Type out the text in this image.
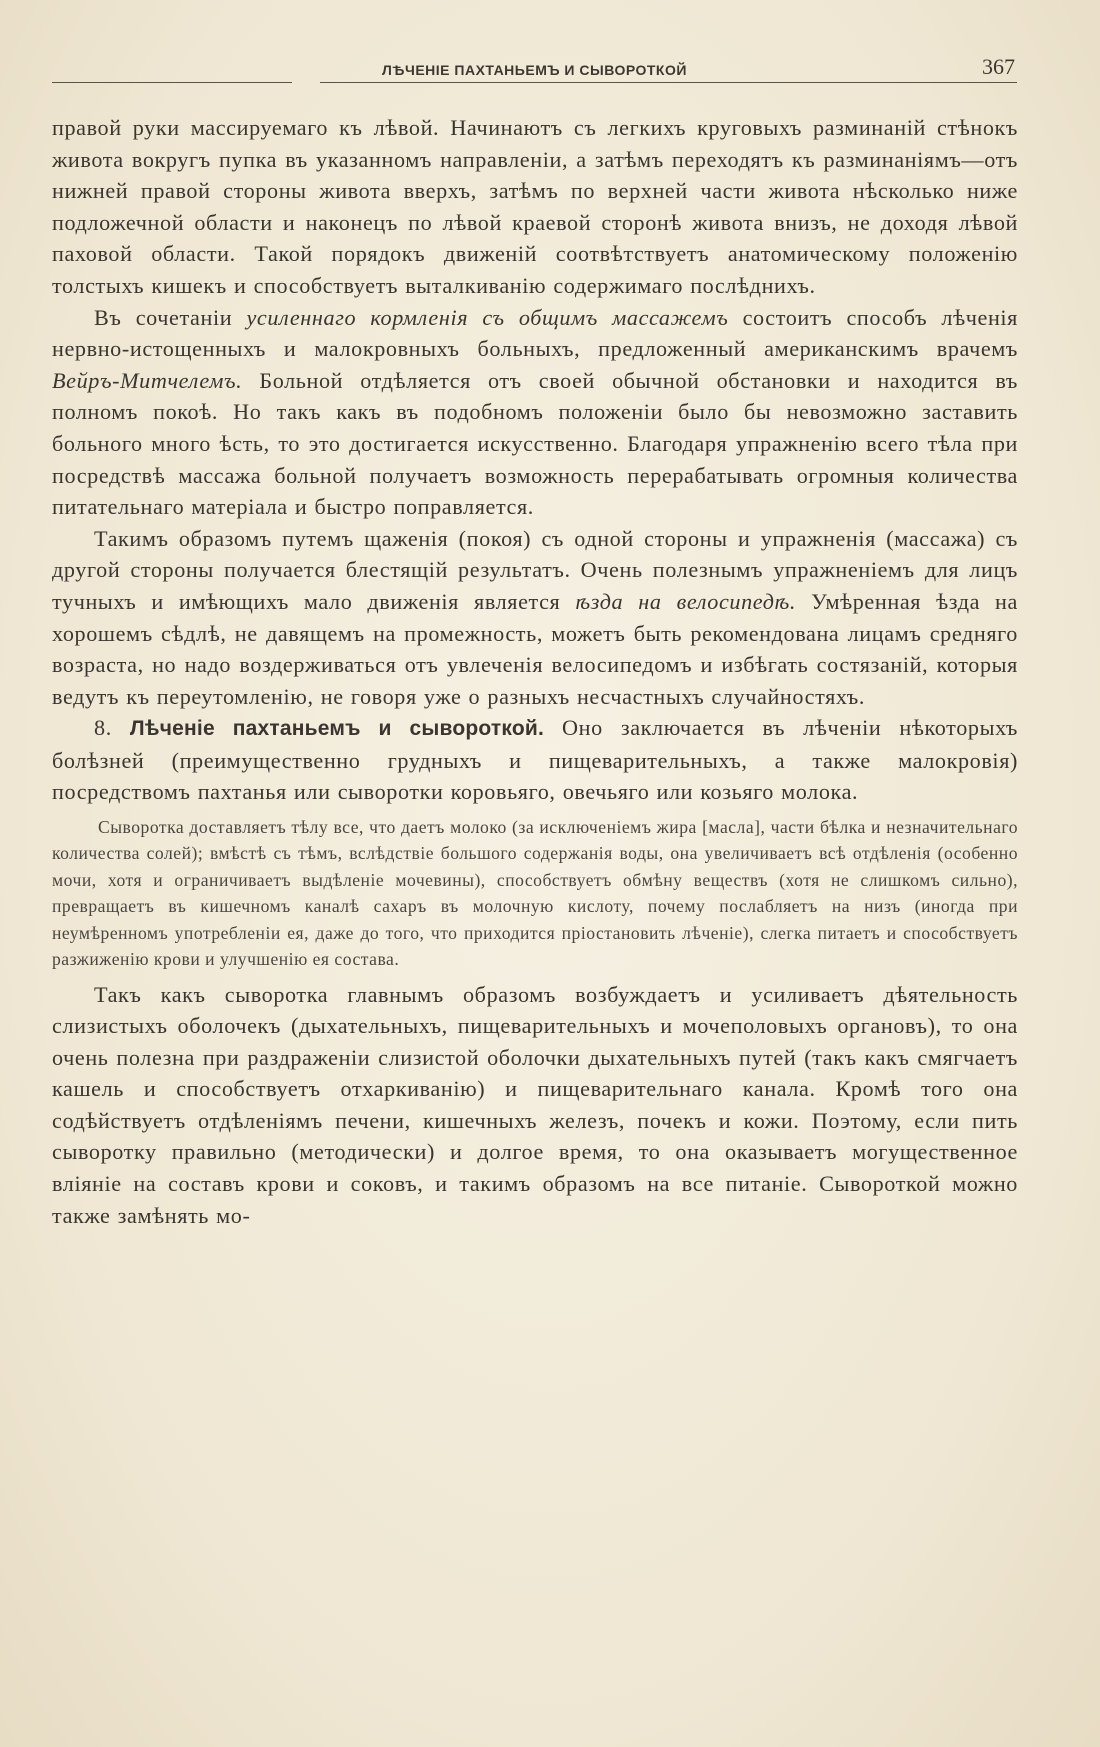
ЛѢЧЕНІЕ ПАХТАНЬЕМЪ И СЫВОРОТКОЙ	367

правой руки массируемаго къ лѣвой. Начинаютъ съ легкихъ круговыхъ разминаній стѣнокъ живота вокругъ пупка въ указанномъ направленіи, а затѣмъ переходятъ къ разминаніямъ—отъ нижней правой стороны живота вверхъ, затѣмъ по верхней части живота нѣсколько ниже подложечной области и наконецъ по лѣвой краевой сторонѣ живота внизъ, не доходя лѣвой паховой области. Такой порядокъ движеній соотвѣтствуетъ анатомическому положенію толстыхъ кишекъ и способствуетъ выталкиванію содержимаго послѣднихъ.

Въ сочетаніи усиленнаго кормленія съ общимъ массажемъ состоитъ способъ лѣченія нервно-истощенныхъ и малокровныхъ больныхъ, предложенный американскимъ врачемъ Вейръ-Митчелемъ. Больной отдѣляется отъ своей обычной обстановки и находится въ полномъ покоѣ. Но такъ какъ въ подобномъ положеніи было бы невозможно заставить больного много ѣсть, то это достигается искусственно. Благодаря упражненію всего тѣла при посредствѣ массажа больной получаетъ возможность перерабатывать огромныя количества питательнаго матеріала и быстро поправляется.

Такимъ образомъ путемъ щаженія (покоя) съ одной стороны и упражненія (массажа) съ другой стороны получается блестящій результатъ. Очень полезнымъ упражненіемъ для лицъ тучныхъ и имѣющихъ мало движенія является ѣзда на велосипедѣ. Умѣренная ѣзда на хорошемъ сѣдлѣ, не давящемъ на промежность, можетъ быть рекомендована лицамъ средняго возраста, но надо воздерживаться отъ увлеченія велосипедомъ и избѣгать состязаній, которыя ведутъ къ переутомленію, не говоря уже о разныхъ несчастныхъ случайностяхъ.

8. Лѣченіе пахтаньемъ и сывороткой. Оно заключается въ лѣченіи нѣкоторыхъ болѣзней (преимущественно грудныхъ и пищеварительныхъ, а также малокровія) посредствомъ пахтанья или сыворотки коровьяго, овечьяго или козьяго молока.

Сыворотка доставляетъ тѣлу все, что даетъ молоко (за исключеніемъ жира [масла], части бѣлка и незначительнаго количества солей); вмѣстѣ съ тѣмъ, вслѣдствіе большого содержанія воды, она увеличиваетъ всѣ отдѣленія (особенно мочи, хотя и ограничиваетъ выдѣленіе мочевины), способствуетъ обмѣну веществъ (хотя не слишкомъ сильно), превращаетъ въ кишечномъ каналѣ сахаръ въ молочную кислоту, почему послабляетъ на низъ (иногда при неумѣренномъ употребленіи ея, даже до того, что приходится пріостановить лѣченіе), слегка питаетъ и способствуетъ разжиженію крови и улучшенію ея состава.

Такъ какъ сыворотка главнымъ образомъ возбуждаетъ и усиливаетъ дѣятельность слизистыхъ оболочекъ (дыхательныхъ, пищеварительныхъ и мочеполовыхъ органовъ), то она очень полезна при раздраженіи слизистой оболочки дыхательныхъ путей (такъ какъ смягчаетъ кашель и способствуетъ отхаркиванію) и пищеварительнаго канала. Кромѣ того она содѣйствуетъ отдѣленіямъ печени, кишечныхъ железъ, почекъ и кожи. Поэтому, если пить сыворотку правильно (методически) и долгое время, то она оказываетъ могущественное вліяніе на составъ крови и соковъ, и такимъ образомъ на все питаніе. Сывороткой можно также замѣнять мо-
